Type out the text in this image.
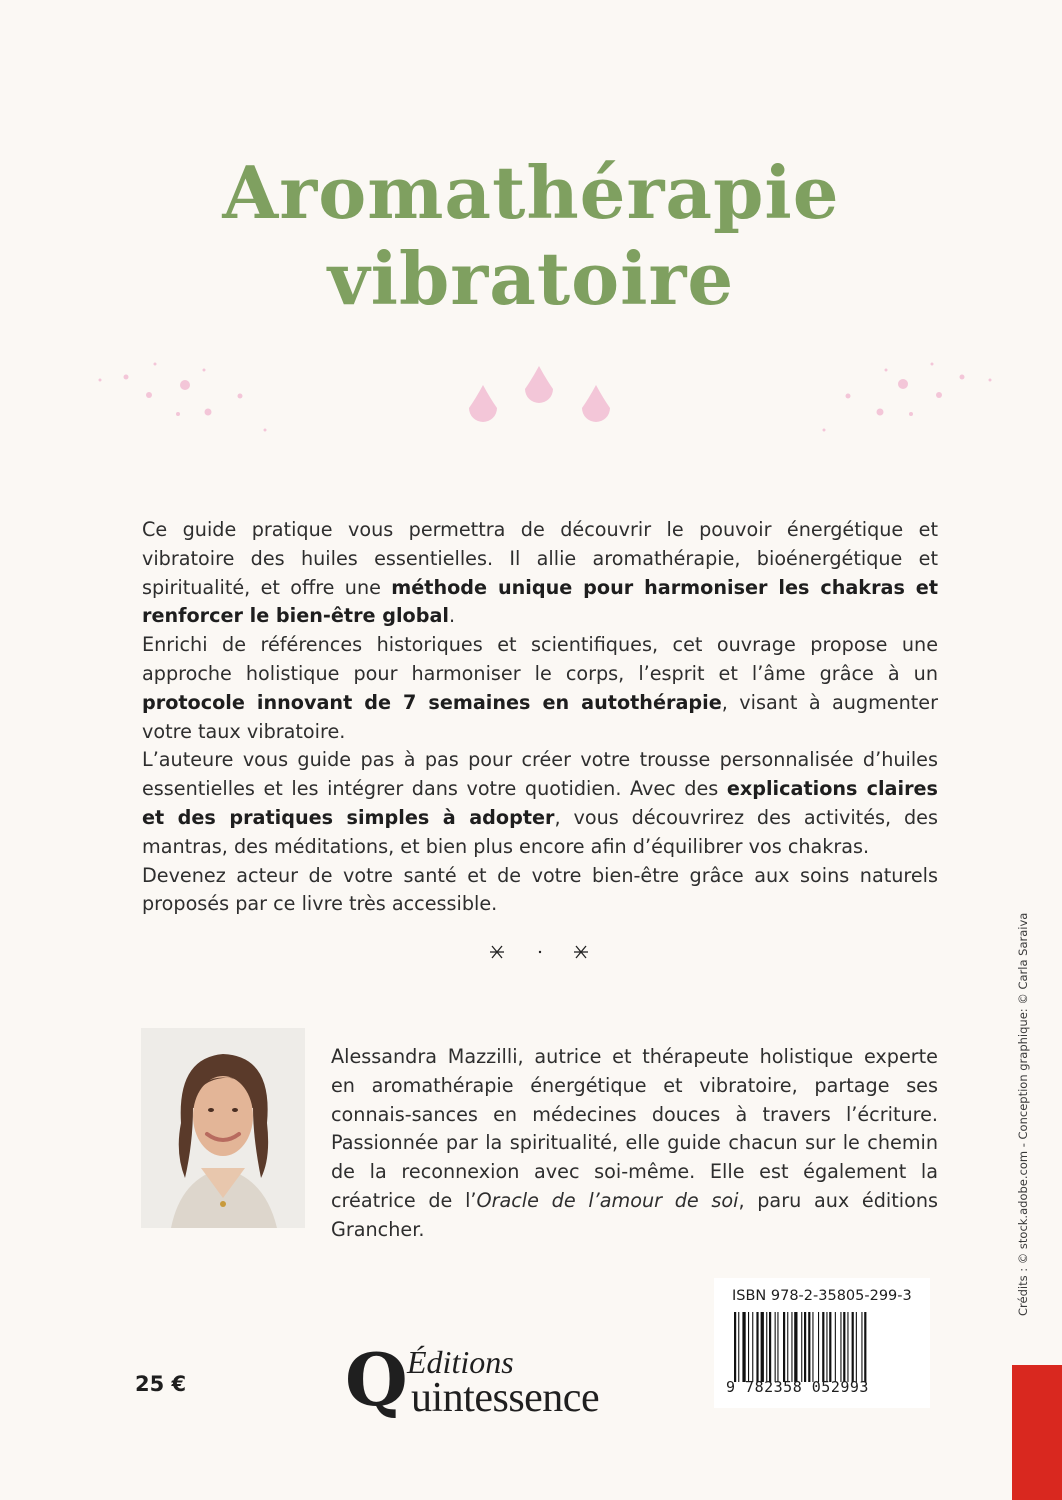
Aromathérapie
vibratoire

Ce guide pratique vous permettra de découvrir le pouvoir énergétique et vibratoire des huiles essentielles. Il allie aromathérapie, bioénergétique et spiritualité, et offre une méthode unique pour harmoniser les chakras et renforcer le bien-être global.

Enrichi de références historiques et scientifiques, cet ouvrage propose une approche holistique pour harmoniser le corps, l’esprit et l’âme grâce à un protocole innovant de 7 semaines en autothérapie, visant à augmenter votre taux vibratoire.

L’auteure vous guide pas à pas pour créer votre trousse personnalisée d’huiles essentielles et les intégrer dans votre quotidien. Avec des explications claires et des pratiques simples à adopter, vous découvrirez des activités, des mantras, des méditations, et bien plus encore afin d’équilibrer vos chakras.

Devenez acteur de votre santé et de votre bien-être grâce aux soins naturels proposés par ce livre très accessible.

Alessandra Mazzilli, autrice et thérapeute holistique experte en aromathérapie énergétique et vibratoire, partage ses connais-sances en médecines douces à travers l’écriture. Passionnée par la spiritualité, elle guide chacun sur le chemin de la reconnexion avec soi-même. Elle est également la créatrice de l’Oracle de l’amour de soi, paru aux éditions Grancher.

25 € Q Éditions
uintessence
ISBN 978-2-35805-299-3
9 782358 052993
Crédits : © stock.adobe.com - Conception graphique: © Carla Saraiva
